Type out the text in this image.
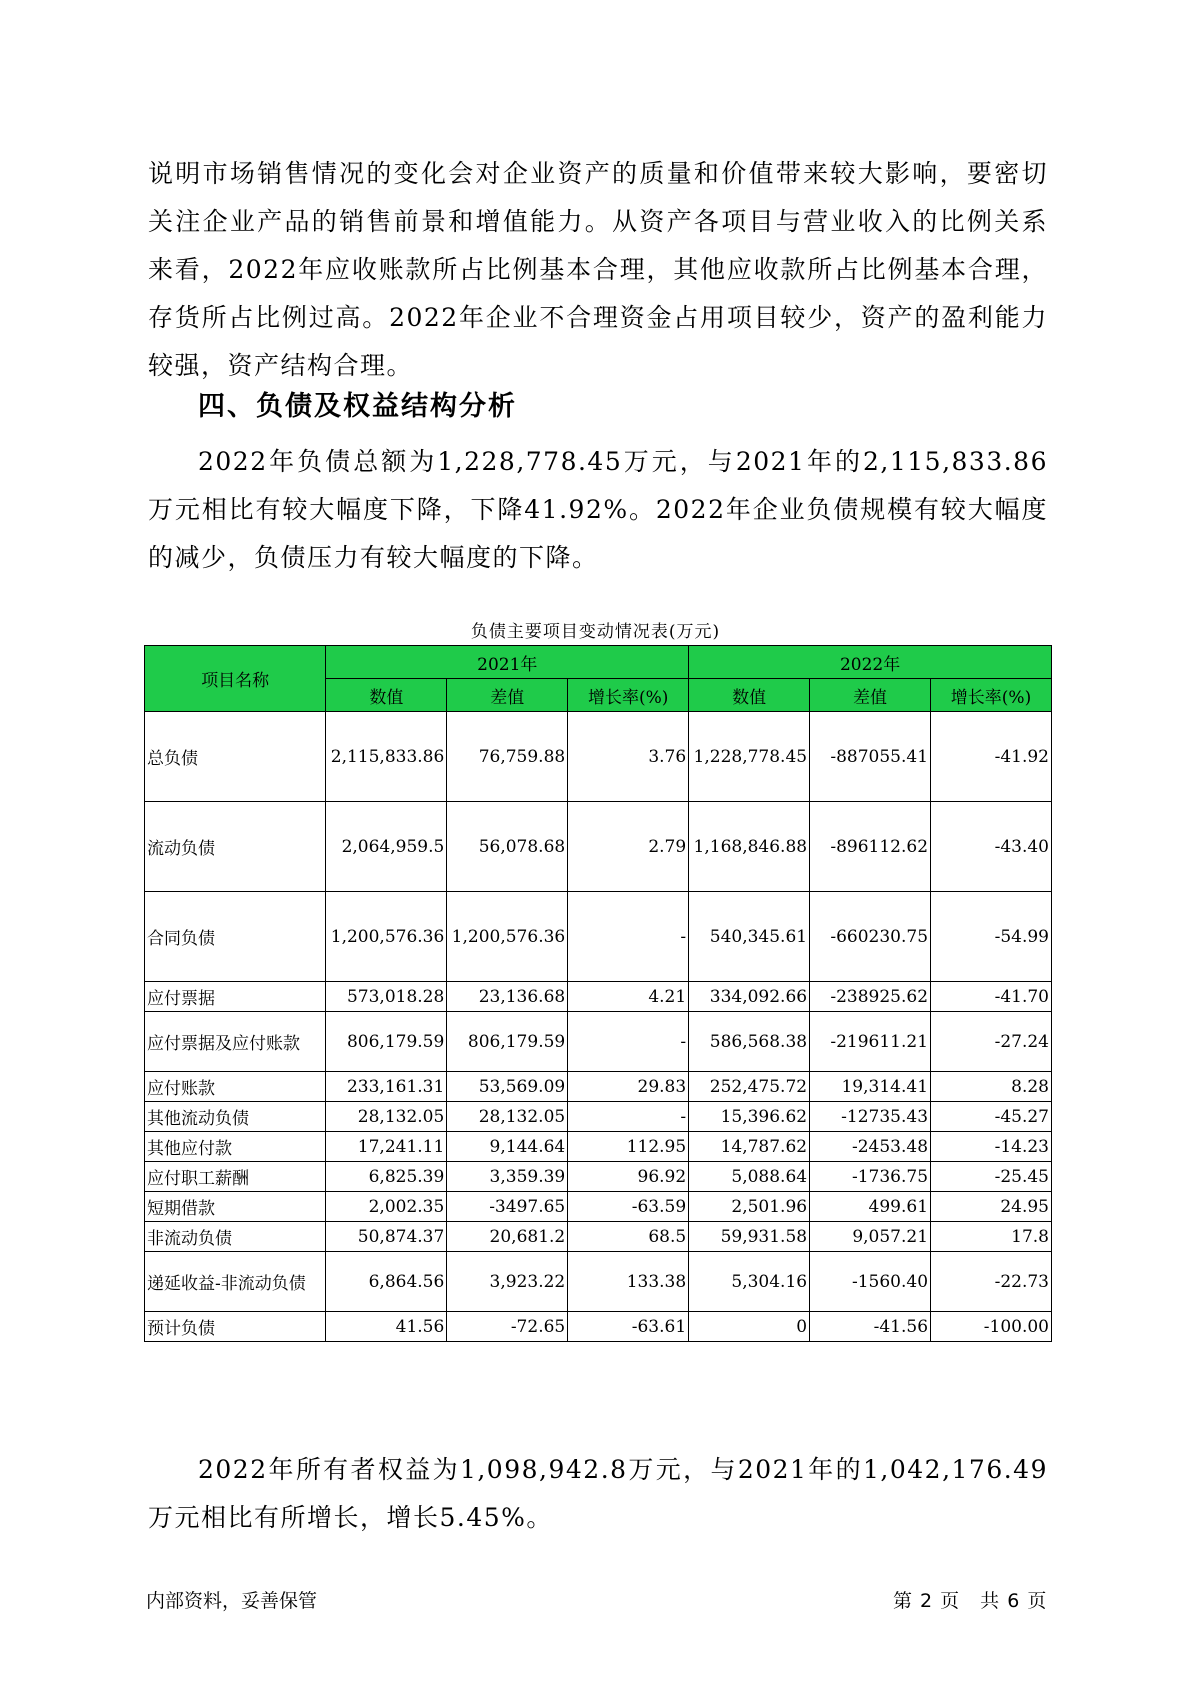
说明市场销售情况的变化会对企业资产的质量和价值带来较大影响，要密切关注企业产品的销售前景和增值能力。从资产各项目与营业收入的比例关系来看，2022年应收账款所占比例基本合理，其他应收款所占比例基本合理，存货所占比例过高。2022年企业不合理资金占用项目较少，资产的盈利能力较强，资产结构合理。
四、负债及权益结构分析
2022年负债总额为1,228,778.45万元，与2021年的2,115,833.86万元相比有较大幅度下降，下降41.92%。2022年企业负债规模有较大幅度的减少，负债压力有较大幅度的下降。
负债主要项目变动情况表(万元)
项目名称	2021年			2022年		
	数值	差值	增长率(%)	数值	差值	增长率(%)
总负债	2,115,833.86	76,759.88	3.76	1,228,778.45	-887055.41	-41.92
流动负债	2,064,959.5	56,078.68	2.79	1,168,846.88	-896112.62	-43.40
合同负债	1,200,576.36	1,200,576.36	-	540,345.61	-660230.75	-54.99
应付票据	573,018.28	23,136.68	4.21	334,092.66	-238925.62	-41.70
应付票据及应付账款	806,179.59	806,179.59	-	586,568.38	-219611.21	-27.24
应付账款	233,161.31	53,569.09	29.83	252,475.72	19,314.41	8.28
其他流动负债	28,132.05	28,132.05	-	15,396.62	-12735.43	-45.27
其他应付款	17,241.11	9,144.64	112.95	14,787.62	-2453.48	-14.23
应付职工薪酬	6,825.39	3,359.39	96.92	5,088.64	-1736.75	-25.45
短期借款	2,002.35	-3497.65	-63.59	2,501.96	499.61	24.95
非流动负债	50,874.37	20,681.2	68.5	59,931.58	9,057.21	17.8
递延收益-非流动负债	6,864.56	3,923.22	133.38	5,304.16	-1560.40	-22.73
预计负债	41.56	-72.65	-63.61	0	-41.56	-100.00
2022年所有者权益为1,098,942.8万元，与2021年的1,042,176.49万元相比有所增长，增长5.45%。
内部资料，妥善保管	第 2 页　共 6 页
